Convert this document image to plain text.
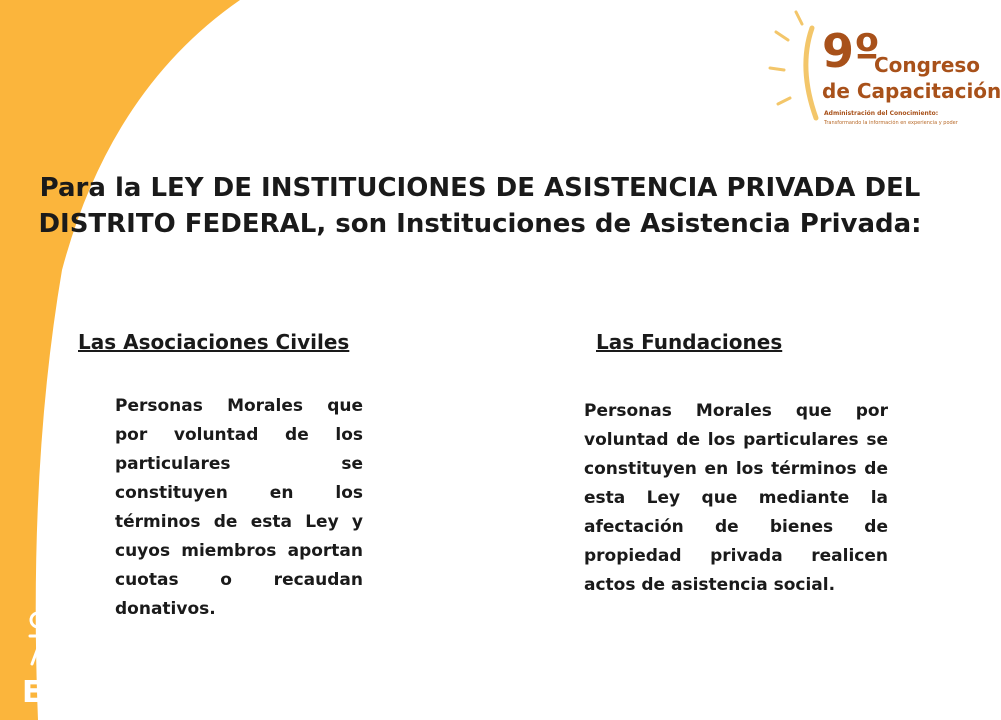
9º
Congreso
de Capacitación
Administración del Conocimiento:
Transformando la información en experiencia y poder
Para la LEY DE INSTITUCIONES DE ASISTENCIA PRIVADA DEL DISTRITO FEDERAL, son Instituciones de Asistencia Privada:
Las Asociaciones Civiles	Las Fundaciones

Personas Morales que por voluntad de los particulares se constituyen en los términos de esta Ley y cuyos miembros aportan cuotas o recaudan donativos.

Personas Morales que por voluntad de los particulares se constituyen en los términos de esta Ley que mediante la afectación de bienes de propiedad privada realicen actos de asistencia social.

EDUCA
